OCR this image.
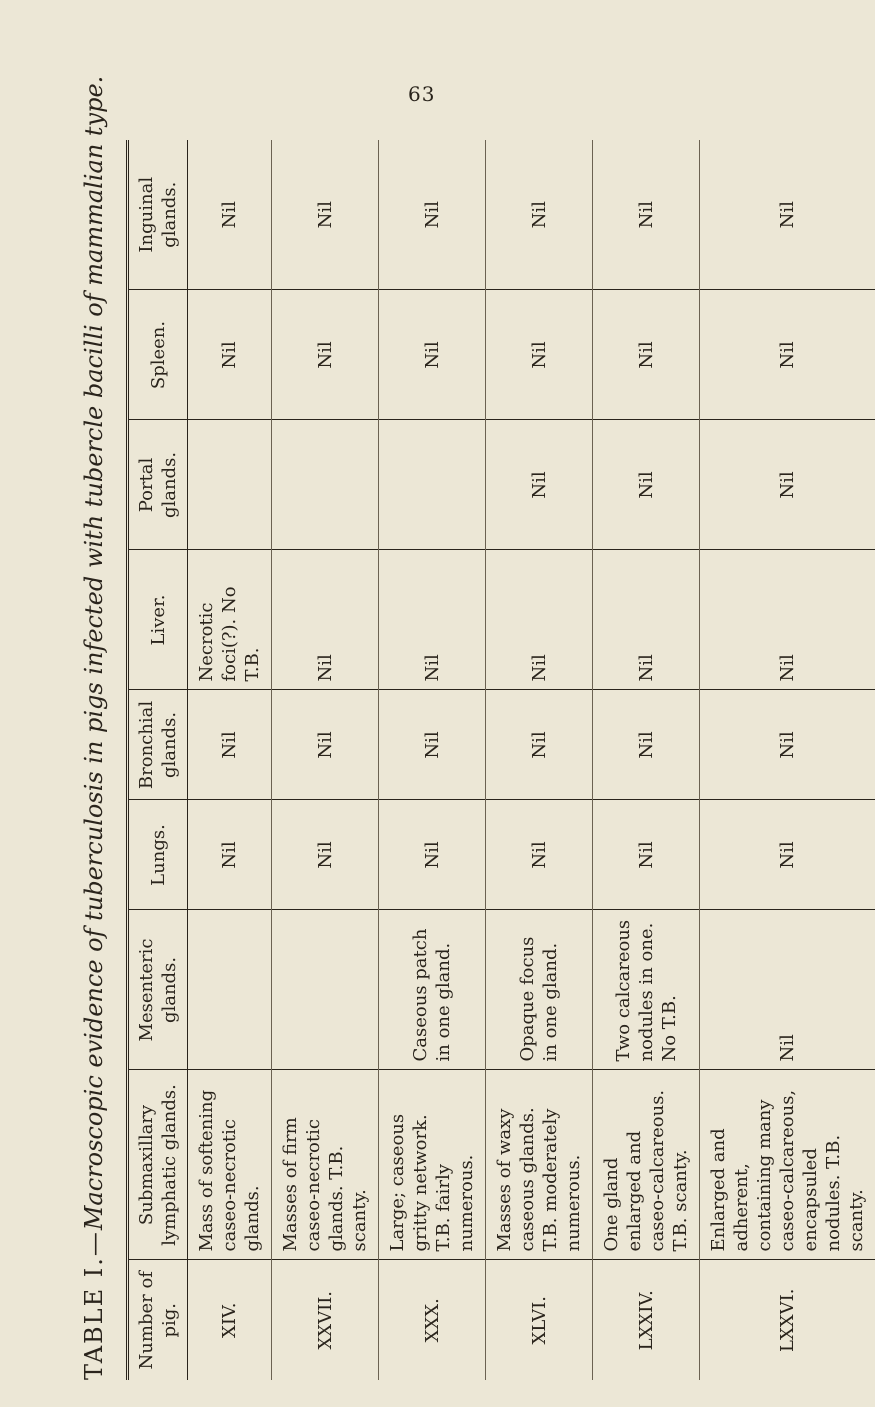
63
TABLE I.—Macroscopic evidence of tuberculosis in pigs infected with tubercle bacilli of mammalian type.
Number of pig.	Submaxillary lymphatic glands.	Mesenteric glands.	Lungs.	Bronchial glands.	Liver.	Portal glands.	Spleen.	Inguinal glands.
XIV.	Mass of softening caseo-necrotic glands.		Nil	Nil	Necrotic foci(?). No T.B.		Nil	Nil
XXVII.	Masses of firm caseo-necrotic glands. T.B. scanty.		Nil	Nil	Nil		Nil	Nil
XXX.	Large; caseous gritty network. T.B. fairly numerous.	Caseous patch in one gland.	Nil	Nil	Nil		Nil	Nil
XLVI.	Masses of waxy caseous glands. T.B. moderately numerous.	Opaque focus in one gland.	Nil	Nil	Nil	Nil	Nil	Nil
LXXIV.	One gland enlarged and caseo-calcareous. T.B. scanty.	Two calcareous nodules in one. No T.B.	Nil	Nil	Nil	Nil	Nil	Nil
LXXVI.	Enlarged and adherent, containing many caseo-calcareous, encapsuled nodules. T.B. scanty.	Nil	Nil	Nil	Nil	Nil	Nil	Nil
